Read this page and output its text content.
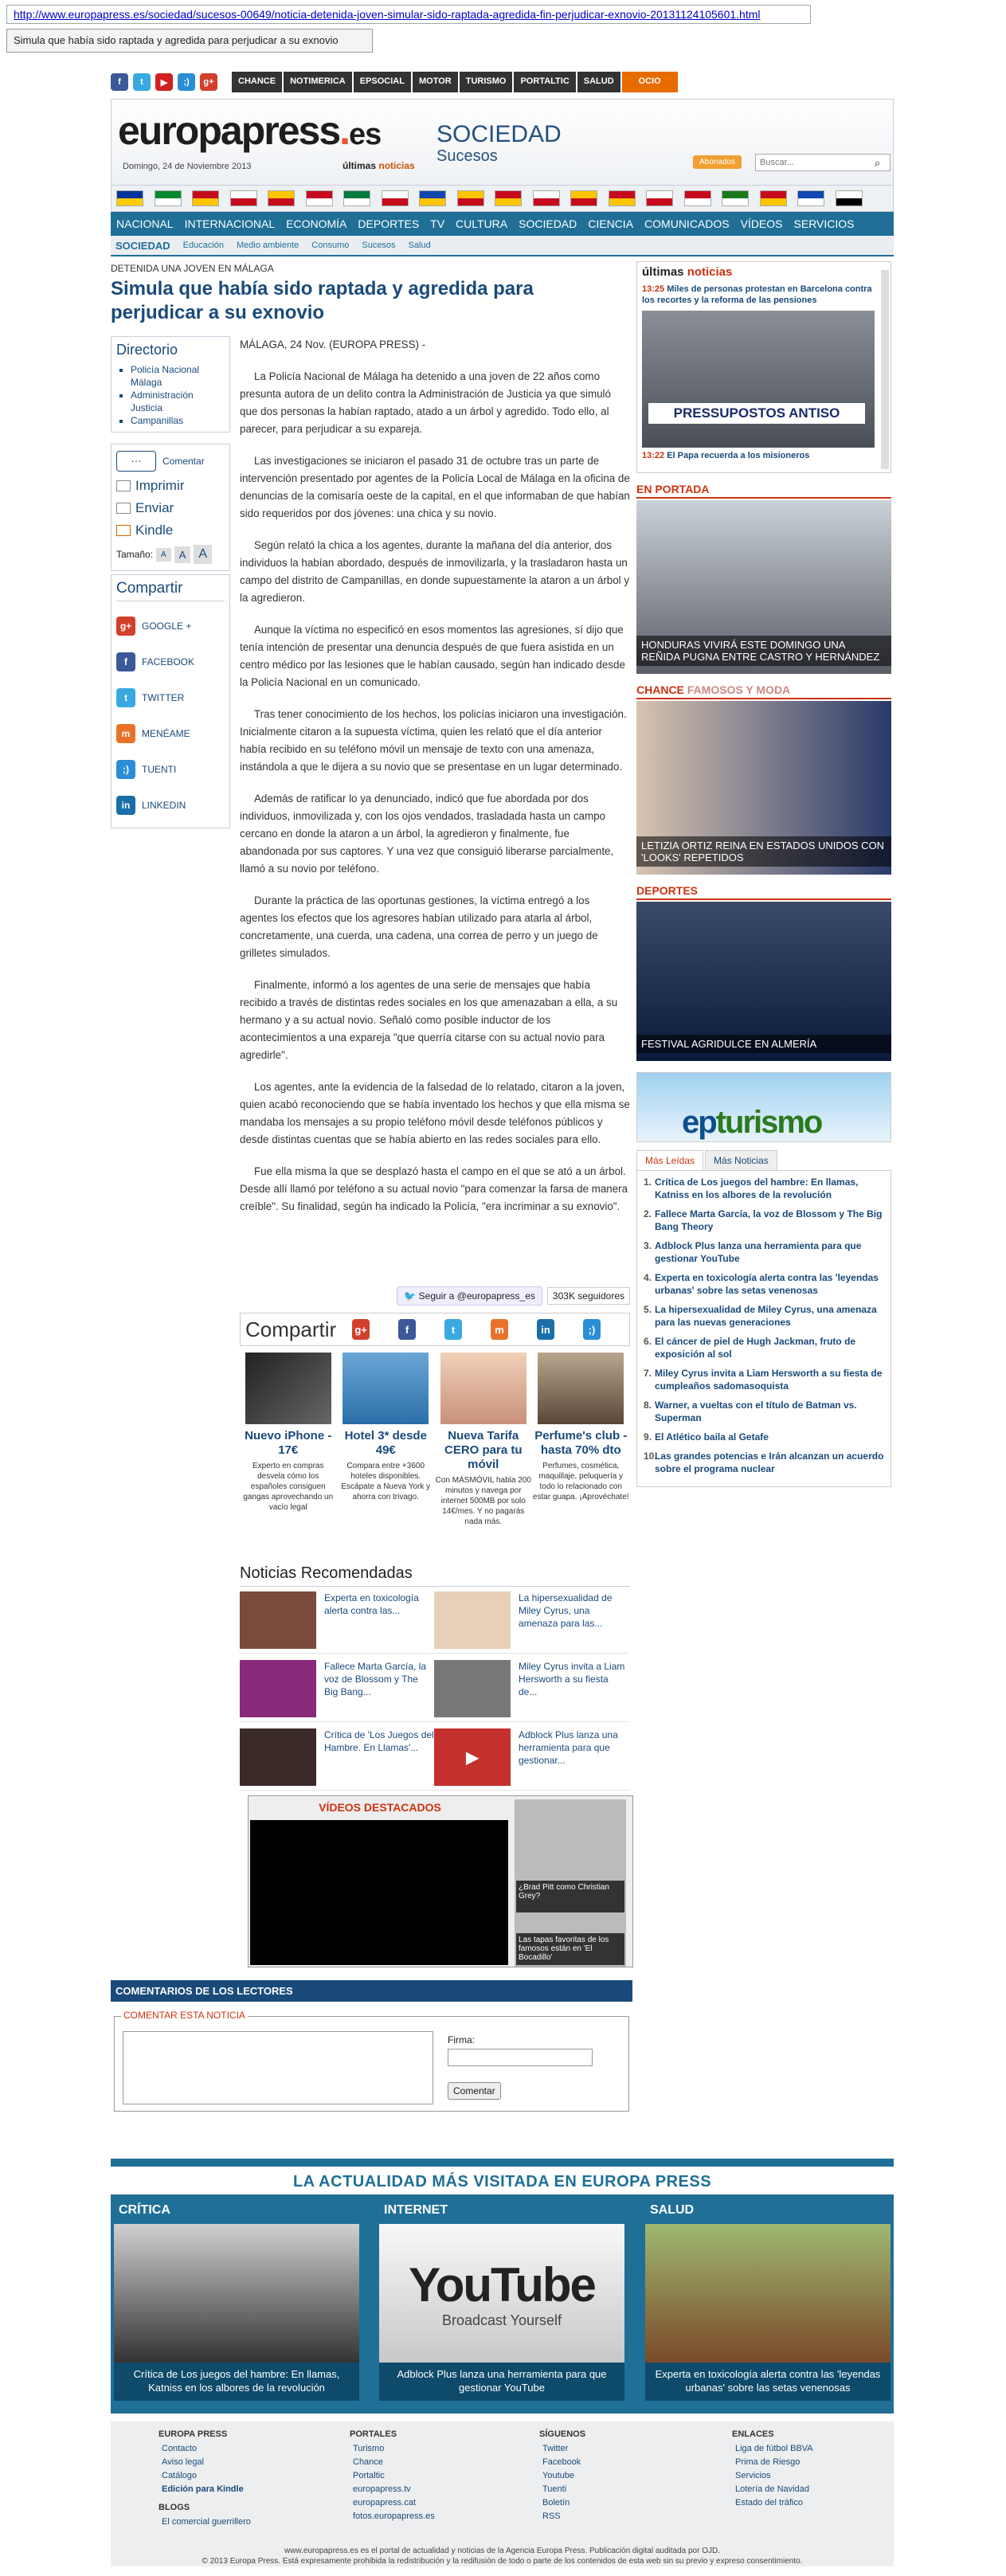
http://www.europapress.es/sociedad/sucesos-00649/noticia-detenida-joven-simular-sido-raptada-agredida-fin-perjudicar-exnovio-20131124105601.html
Simula que había sido raptada y agredida para perjudicar a su exnovio
f	t	▶	;)	g+	CHANCE	NOTIMERICA	EPSOCIAL	MOTOR	TURISMO	PORTALTIC	SALUD	OCIO
europapress.es SOCIEDAD
Sucesos
Domingo, 24 de Noviembre 2013	últimas noticias	Abonados
Buscar...	⌕
NACIONAL	INTERNACIONAL	ECONOMÍA	DEPORTES	TV	CULTURA	SOCIEDAD	CIENCIA	COMUNICADOS	VÍDEOS	SERVICIOS
SOCIEDAD Educación Medio ambiente Consumo Sucesos Salud
DETENIDA UNA JOVEN EN MÁLAGA
Simula que había sido raptada y agredida para perjudicar a su exnovio
Directorio
▪ Policía Nacional Málaga
▪ Administración Justicia
▪ Campanillas
…	Comentar
Imprimir
Enviar
Kindle
Tamaño:	A	A	A
Compartir
g+	GOOGLE +
f	FACEBOOK
t	TWITTER
m	MENÉAME
;)	TUENTI
in	LINKEDIN

MÁLAGA, 24 Nov. (EUROPA PRESS) -

La Policía Nacional de Málaga ha detenido a una joven de 22 años como presunta autora de un delito contra la Administración de Justicia ya que simuló que dos personas la habían raptado, atado a un árbol y agredido. Todo ello, al parecer, para perjudicar a su expareja.

Las investigaciones se iniciaron el pasado 31 de octubre tras un parte de intervención presentado por agentes de la Policía Local de Málaga en la oficina de denuncias de la comisaría oeste de la capital, en el que informaban de que habían sido requeridos por dos jóvenes: una chica y su novio.

Según relató la chica a los agentes, durante la mañana del día anterior, dos individuos la habían abordado, después de inmovilizarla, y la trasladaron hasta un campo del distrito de Campanillas, en donde supuestamente la ataron a un árbol y la agredieron.

Aunque la víctima no especificó en esos momentos las agresiones, sí dijo que tenía intención de presentar una denuncia después de que fuera asistida en un centro médico por las lesiones que le habían causado, según han indicado desde la Policía Nacional en un comunicado.

Tras tener conocimiento de los hechos, los policías iniciaron una investigación. Inicialmente citaron a la supuesta víctima, quien les relató que el día anterior había recibido en su teléfono móvil un mensaje de texto con una amenaza, instándola a que le dijera a su novio que se presentase en un lugar determinado.

Además de ratificar lo ya denunciado, indicó que fue abordada por dos individuos, inmovilizada y, con los ojos vendados, trasladada hasta un campo cercano en donde la ataron a un árbol, la agredieron y finalmente, fue abandonada por sus captores. Y una vez que consiguió liberarse parcialmente, llamó a su novio por teléfono.

Durante la práctica de las oportunas gestiones, la víctima entregó a los agentes los efectos que los agresores habían utilizado para atarla al árbol, concretamente, una cuerda, una cadena, una correa de perro y un juego de grilletes simulados.

Finalmente, informó a los agentes de una serie de mensajes que había recibido a través de distintas redes sociales en los que amenazaban a ella, a su hermano y a su actual novio. Señaló como posible inductor de los acontecimientos a una expareja "que querría citarse con su actual novio para agredirle".

Los agentes, ante la evidencia de la falsedad de lo relatado, citaron a la joven, quien acabó reconociendo que se había inventado los hechos y que ella misma se mandaba los mensajes a su propio teléfono móvil desde teléfonos públicos y desde distintas cuentas que se había abierto en las redes sociales para ello.

Fue ella misma la que se desplazó hasta el campo en el que se ató a un árbol. Desde allí llamó por teléfono a su actual novio "para comenzar la farsa de manera creíble". Su finalidad, según ha indicado la Policía, "era incriminar a su exnovio".

🐦 Seguir a @europapress_es	303K seguidores
Compartir g+	f	t	m	in	;)
Nuevo iPhone - 17€
Experto en compras desvela cómo los españoles consiguen gangas aprovechando un vacío legal
Hotel 3* desde 49€
Compara entre +3600 hoteles disponibles. Escápate a Nueva York y ahorra con trivago.
Nueva Tarifa CERO para tu móvil
Con MÁSMÓVIL habla 200 minutos y navega por internet 500MB por solo 14€/mes. Y no pagarás nada más.
Perfume's club - hasta 70% dto
Perfumes, cosmética, maquillaje, peluquería y todo lo relacionado con estar guapa. ¡Aprovéchate!
Noticias Recomendadas
Experta en toxicología alerta contra las...
La hipersexualidad de Miley Cyrus, una amenaza para las...
Fallece Marta García, la voz de Blossom y The Big Bang...
Miley Cyrus invita a Liam Hersworth a su fiesta de...
Crítica de 'Los Juegos del Hambre. En Llamas'...
▶
Adblock Plus lanza una herramienta para que gestionar...
VÍDEOS DESTACADOS
¿Brad Pitt como Christian Grey?
Las tapas favoritas de los famosos están en 'El Bocadillo'
COMENTARIOS DE LOS LECTORES
COMENTAR ESTA NOTICIA
Firma:
Comentar
últimas noticias
13:25 Miles de personas protestan en Barcelona contra los recortes y la reforma de las pensiones
PRESSUPOSTOS ANTISO
13:22 El Papa recuerda a los misioneros
EN PORTADA
HONDURAS VIVIRÁ ESTE DOMINGO UNA REÑIDA PUGNA ENTRE CASTRO Y HERNÁNDEZ
CHANCE FAMOSOS Y MODA
LETIZIA ORTIZ REINA EN ESTADOS UNIDOS CON 'LOOKS' REPETIDOS
DEPORTES
FESTIVAL AGRIDULCE EN ALMERÍA
epturismo
Más Leídas	Más Noticias
1. Crítica de Los juegos del hambre: En llamas, Katniss en los albores de la revolución
2. Fallece Marta García, la voz de Blossom y The Big Bang Theory
3. Adblock Plus lanza una herramienta para que gestionar YouTube
4. Experta en toxicología alerta contra las 'leyendas urbanas' sobre las setas venenosas
5. La hipersexualidad de Miley Cyrus, una amenaza para las nuevas generaciones
6. El cáncer de piel de Hugh Jackman, fruto de exposición al sol
7. Miley Cyrus invita a Liam Hersworth a su fiesta de cumpleaños sadomasoquista
8. Warner, a vueltas con el título de Batman vs. Superman
9. El Atlético baila al Getafe
10.
Las grandes potencias e Irán alcanzan un acuerdo sobre el programa nuclear
LA ACTUALIDAD MÁS VISITADA EN EUROPA PRESS
CRÍTICA
Crítica de Los juegos del hambre: En llamas, Katniss en los albores de la revolución
INTERNET
YouTube
Broadcast Yourself
Adblock Plus lanza una herramienta para que gestionar YouTube
SALUD
Experta en toxicología alerta contra las 'leyendas urbanas' sobre las setas venenosas
EUROPA PRESS
Contacto
Aviso legal
Catálogo
Edición para Kindle
BLOGS
El comercial guerrillero
PORTALES
Turismo
Chance
Portaltic
europapress.tv
europapress.cat
fotos.europapress.es
SÍGUENOS
Twitter
Facebook
Youtube
Tuenti
Boletín
RSS
ENLACES
Liga de fútbol BBVA
Prima de Riesgo
Servicios
Lotería de Navidad
Estado del tráfico
www.europapress.es es el portal de actualidad y noticias de la Agencia Europa Press. Publicación digital auditada por OJD.
© 2013 Europa Press. Está expresamente prohibida la redistribución y la redifusión de todo o parte de los contenidos de esta web sin su previo y expreso consentimiento.
